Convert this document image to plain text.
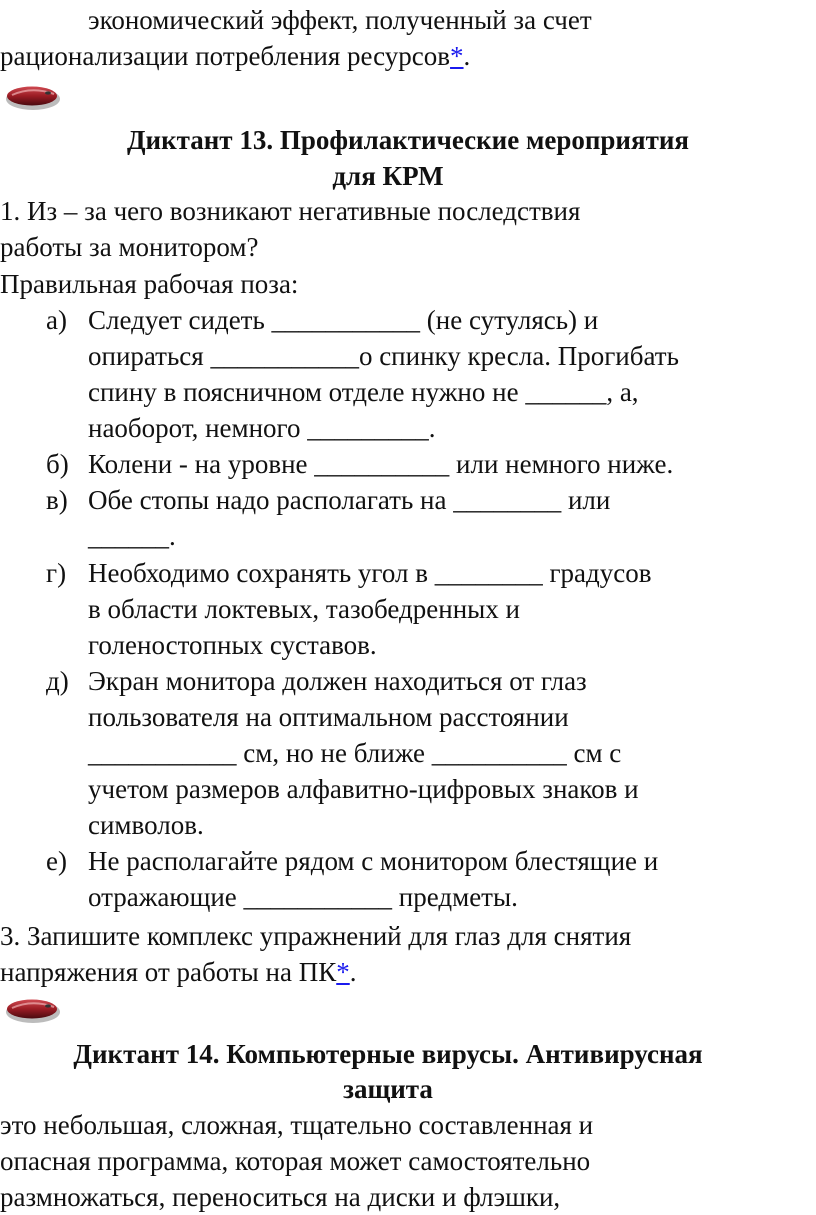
экономический эффект, полученный за счет
рационализации потребления ресурсов*.
Диктант 13. Профилактические мероприятия
для КРМ
1. Из – за чего возникают негативные последствия
работы за монитором?
Правильная рабочая поза:
а) Следует сидеть ___________ (не сутулясь) и
опираться ___________о спинку кресла. Прогибать
спину в поясничном отделе нужно не ______, а,
наоборот, немного _________.
б) Колени - на уровне __________ или немного ниже.
в) Обе стопы надо располагать на ________ или
______.
г) Необходимо сохранять угол в ________ градусов
в области локтевых, тазобедренных и
голеностопных суставов.
д) Экран монитора должен находиться от глаз
пользователя на оптимальном расстоянии
___________ см, но не ближе __________ см с
учетом размеров алфавитно-цифровых знаков и
символов.
е) Не располагайте рядом с монитором блестящие и
отражающие ___________ предметы.
3. Запишите комплекс упражнений для глаз для снятия
напряжения от работы на ПК*.
Диктант 14. Компьютерные вирусы. Антивирусная
защита
это небольшая, сложная, тщательно составленная и
опасная программа, которая может самостоятельно
размножаться, переноситься на диски и флэшки,
